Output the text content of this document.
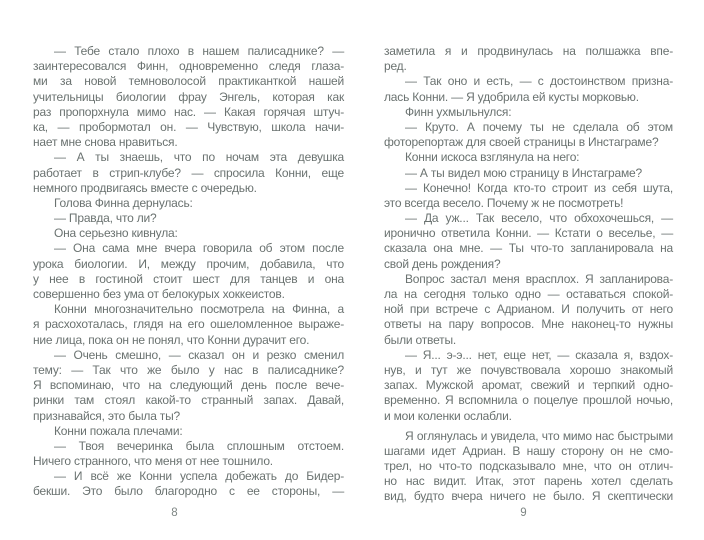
— Тебе стало плохо в нашем палисаднике? —
заинтересовался Финн, одновременно следя глаза-
ми за новой темноволосой практиканткой нашей
учительницы биологии фрау Энгель, которая как
раз пропорхнула мимо нас. — Какая горячая штуч-
ка, — пробормотал он. — Чувствую, школа начи-
нает мне снова нравиться.
— А ты знаешь, что по ночам эта девушка
работает в стрип-клубе? — спросила Конни, еще
немного продвигаясь вместе с очередью.
Голова Финна дернулась:
— Правда, что ли?
Она серьезно кивнула:
— Она сама мне вчера говорила об этом после
урока биологии. И, между прочим, добавила, что
у нее в гостиной стоит шест для танцев и она
совершенно без ума от белокурых хоккеистов.
Конни многозначительно посмотрела на Финна, а
я расхохоталась, глядя на его ошеломленное выраже-
ние лица, пока он не понял, что Конни дурачит его.
— Очень смешно, — сказал он и резко сменил
тему: — Так что же было у нас в палисаднике?
Я вспоминаю, что на следующий день после вече-
ринки там стоял какой-то странный запах. Давай,
признавайся, это была ты?
Конни пожала плечами:
— Твоя вечеринка была сплошным отстоем.
Ничего странного, что меня от нее тошнило.
— И всё же Конни успела добежать до Бидер-
бекши. Это было благородно с ее стороны, —
заметила я и продвинулась на полшажка впе-
ред.
— Так оно и есть, — с достоинством призна-
лась Конни. — Я удобрила ей кусты морковью.
Финн ухмыльнулся:
— Круто. А почему ты не сделала об этом
фоторепортаж для своей страницы в Инстаграме?
Конни искоса взглянула на него:
— А ты видел мою страницу в Инстаграме?
— Конечно! Когда кто-то строит из себя шута,
это всегда весело. Почему ж не посмотреть!
— Да уж... Так весело, что обхохочешься, —
иронично ответила Конни. — Кстати о веселье, —
сказала она мне. — Ты что-то запланировала на
свой день рождения?
Вопрос застал меня врасплох. Я запланирова-
ла на сегодня только одно — оставаться спокой-
ной при встрече с Адрианом. И получить от него
ответы на пару вопросов. Мне наконец-то нужны
были ответы.
— Я... э-э... нет, еще нет, — сказала я, вздох-
нув, и тут же почувствовала хорошо знакомый
запах. Мужской аромат, свежий и терпкий одно-
временно. Я вспомнила о поцелуе прошлой ночью,
и мои коленки ослабли.
Я оглянулась и увидела, что мимо нас быстрыми
шагами идет Адриан. В нашу сторону он не смо-
трел, но что-то подсказывало мне, что он отлич-
но нас видит. Итак, этот парень хотел сделать
вид, будто вчера ничего не было. Я скептически
8	9
